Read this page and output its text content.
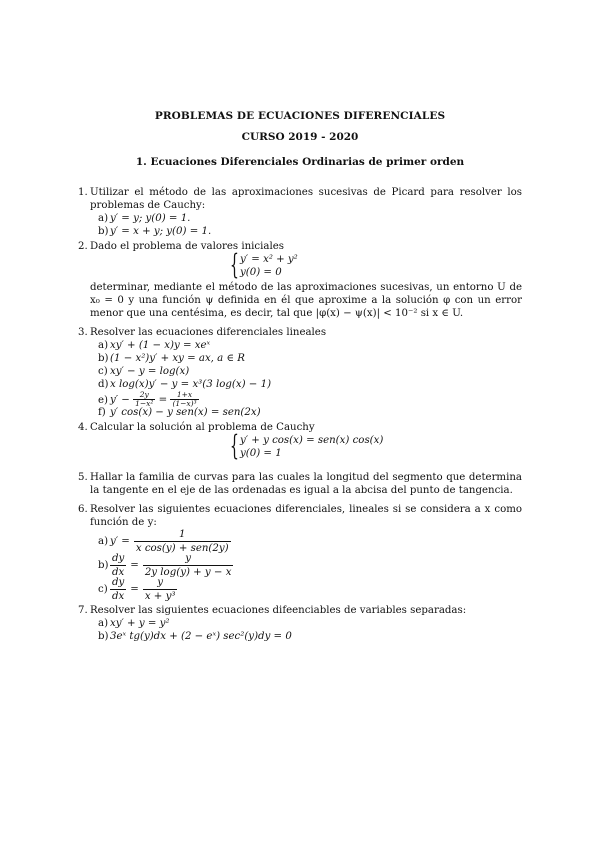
PROBLEMAS DE ECUACIONES DIFERENCIALES
CURSO 2019 - 2020
1. Ecuaciones Diferenciales Ordinarias de primer orden
1. Utilizar el método de las aproximaciones sucesivas de Picard para resolver los problemas de Cauchy:
a) y′ = y; y(0) = 1.
b) y′ = x + y; y(0) = 1.
2. Dado el problema de valores iniciales
{ y′ = x² + y²
y(0) = 0
determinar, mediante el método de las aproximaciones sucesivas, un entorno U de x₀ = 0 y una función ψ definida en él que aproxime a la solución φ con un error menor que una centésima, es decir, tal que |φ(x) − ψ(x)| < 10⁻² si x ∈ U.
3. Resolver las ecuaciones diferenciales lineales
a) xy′ + (1 − x)y = xeˣ
b) (1 − x²)y′ + xy = ax, a ∈ R
c) xy′ − y = log(x)
d) x log(x)y′ − y = x³(3 log(x) − 1)
e) $y' - \frac{2y}{\text{1−x²}} = \frac{1+x}{\text{(1−x)³}}$
f) y′ cos(x) − y sen(x) = sen(2x)
4. Calcular la solución al problema de Cauchy
{ y′ + y cos(x) = sen(x) cos(x)
y(0) = 1
5. Hallar la familia de curvas para las cuales la longitud del segmento que determina la tangente en el eje de las ordenadas es igual a la abcisa del punto de tangencia.
6. Resolver las siguientes ecuaciones diferenciales, lineales si se considera a x como función de y:
a) $y' = \frac{1}{\text{x cos(y) + sen(2y)}}$
$b) \frac{dy}{dx} = \frac{y}{\text{2y log(y) + y − x}}$
$c) \frac{dy}{dx} = \frac{y}{\text{x + y³}}$
7. Resolver las siguientes ecuaciones difeenciables de variables separadas:
a) xy′ + y = y²
b) 3eˣ tg(y)dx + (2 − eˣ) sec²(y)dy = 0
